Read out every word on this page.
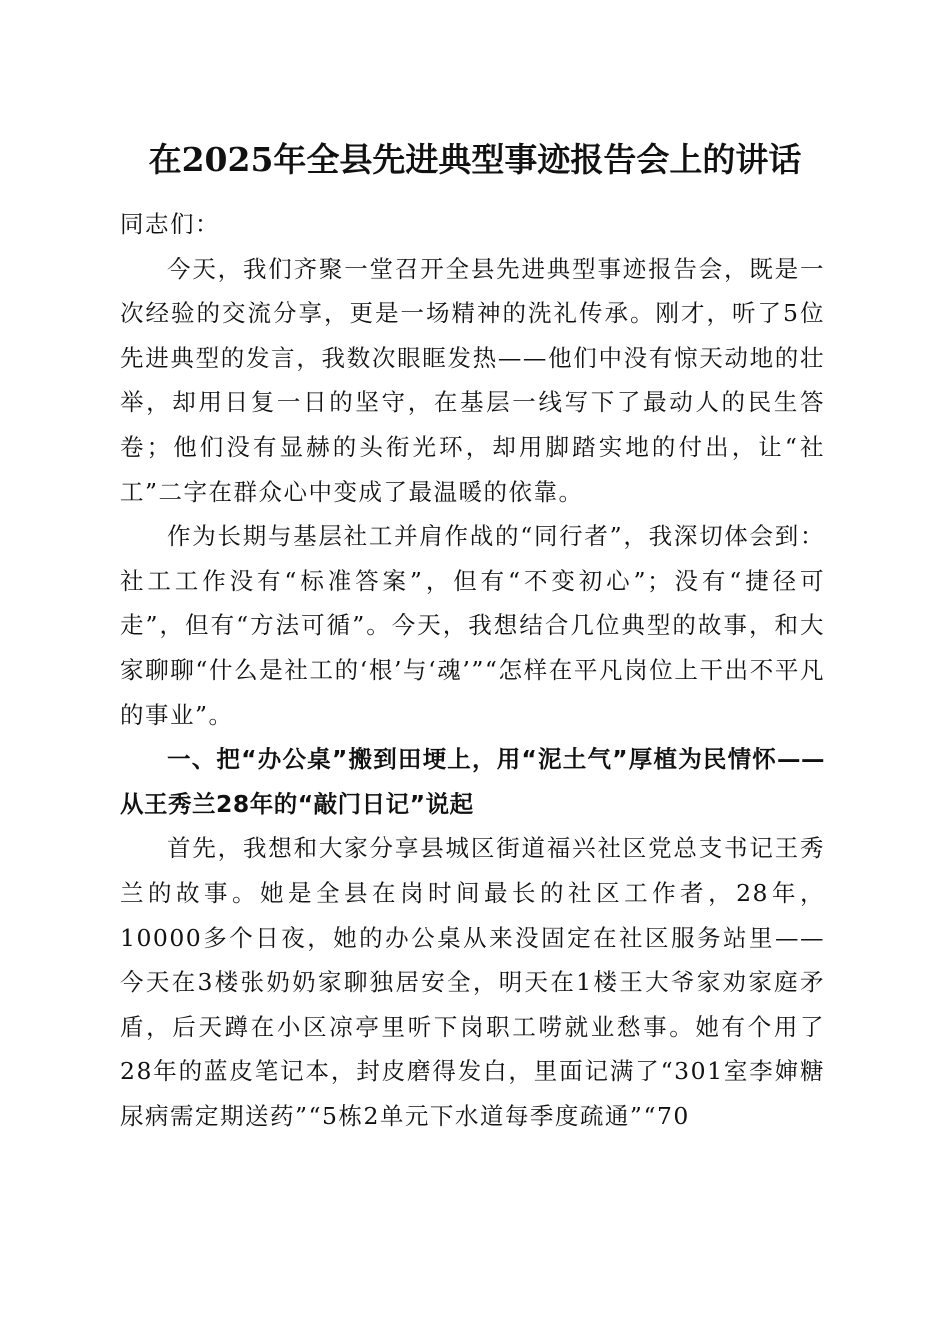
在2025年全县先进典型事迹报告会上的讲话

同志们：

今天，我们齐聚一堂召开全县先进典型事迹报告会，既是一次经验的交流分享，更是一场精神的洗礼传承。刚才，听了5位先进典型的发言，我数次眼眶发热——他们中没有惊天动地的壮举，却用日复一日的坚守，在基层一线写下了最动人的民生答卷；他们没有显赫的头衔光环，却用脚踏实地的付出，让“社工”二字在群众心中变成了最温暖的依靠。

作为长期与基层社工并肩作战的“同行者”，我深切体会到：社工工作没有“标准答案”，但有“不变初心”；没有“捷径可走”，但有“方法可循”。今天，我想结合几位典型的故事，和大家聊聊“什么是社工的‘根’与‘魂’”“怎样在平凡岗位上干出不平凡的事业”。

一、把“办公桌”搬到田埂上，用“泥土气”厚植为民情怀——从王秀兰28年的“敲门日记”说起

首先，我想和大家分享县城区街道福兴社区党总支书记王秀兰的故事。她是全县在岗时间最长的社区工作者，28年，10000多个日夜，她的办公桌从来没固定在社区服务站里——今天在3楼张奶奶家聊独居安全，明天在1楼王大爷家劝家庭矛盾，后天蹲在小区凉亭里听下岗职工唠就业愁事。她有个用了28年的蓝皮笔记本，封皮磨得发白，里面记满了“301室李婶糖尿病需定期送药”“5栋2单元下水道每季度疏通”“70
